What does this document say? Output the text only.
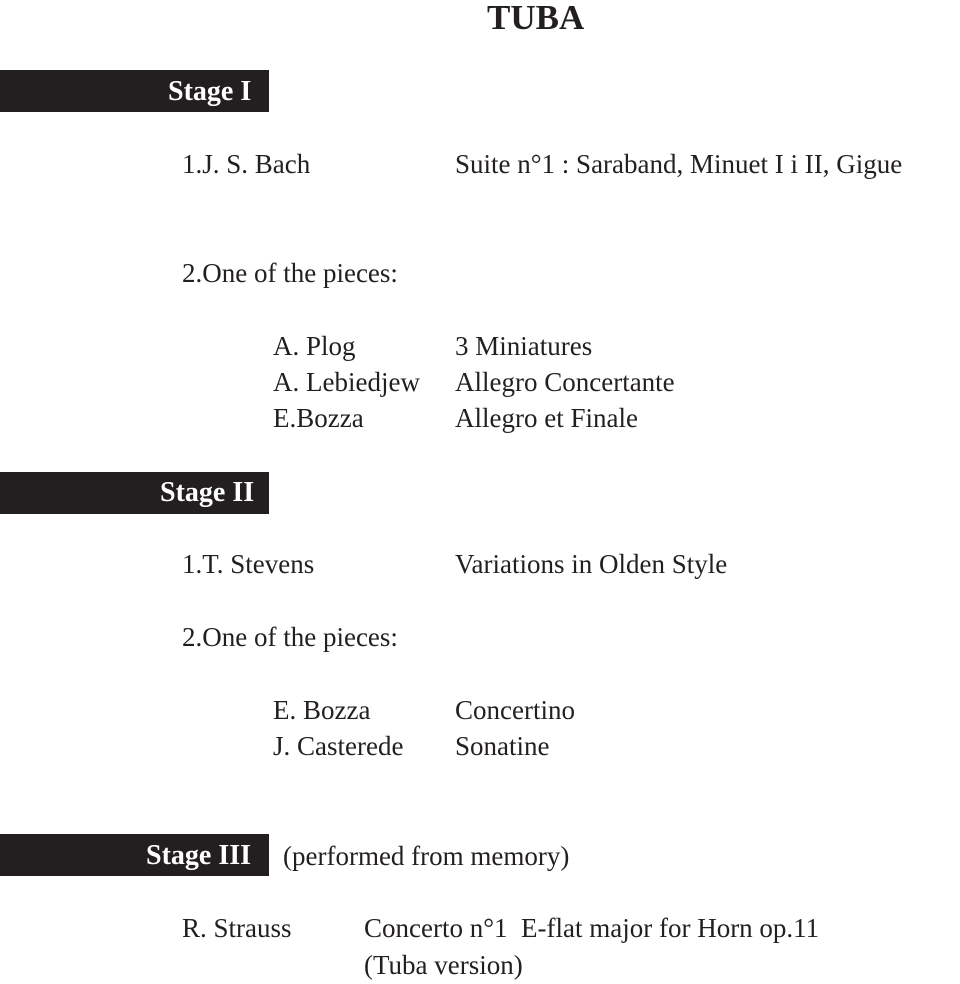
TUBA
Stage I
1.J. S. Bach	Suite n°1 : Saraband, Minuet I i II, Gigue
2.One of the pieces:
A. Plog	3 Miniatures
A. Lebiedjew Allegro Concertante
E.Bozza	Allegro et Finale
Stage II
1.T. Stevens	Variations in Olden Style
2.One of the pieces:
E. Bozza	Concertino
J. Casterede Sonatine
Stage III (performed from memory)
R. Strauss	Concerto n°1  E-flat major for Horn op.11
(Tuba version)
